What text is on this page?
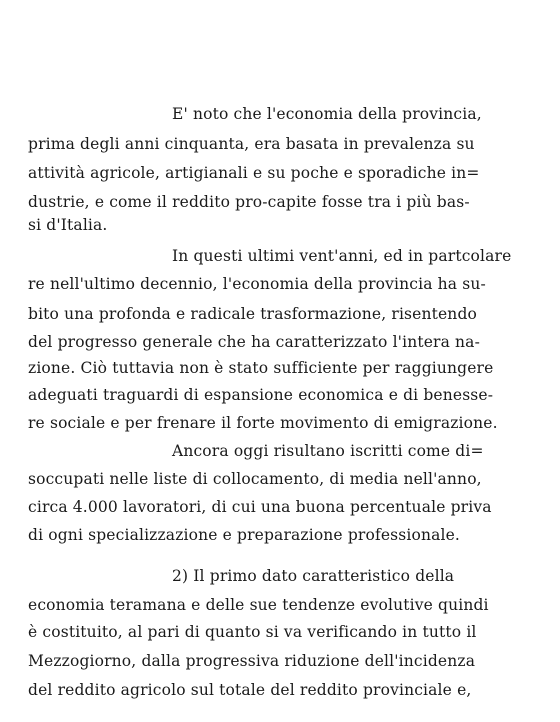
E' noto che l'economia della provincia,
prima degli anni cinquanta, era basata in prevalenza su
attività agricole, artigianali e su poche e sporadiche in=
dustrie, e come il reddito pro-capite fosse tra i più bas-
si d'Italia.
In questi ultimi vent'anni, ed in partcolare
re nell'ultimo decennio, l'economia della provincia ha su-
bito una profonda e radicale trasformazione, risentendo
del progresso generale che ha caratterizzato l'intera na-
zione. Ciò tuttavia non è stato sufficiente per raggiungere
adeguati traguardi di espansione economica e di benesse-
re sociale e per frenare il forte movimento di emigrazione.
Ancora oggi risultano iscritti come di=
soccupati nelle liste di collocamento, di media nell'anno,
circa 4.000 lavoratori, di cui una buona percentuale priva
di ogni specializzazione e preparazione professionale.
2) Il primo dato caratteristico della
economia teramana e delle sue tendenze evolutive quindi
è costituito, al pari di quanto si va verificando in tutto il
Mezzogiorno, dalla progressiva riduzione dell'incidenza
del reddito agricolo sul totale del reddito provinciale e,
